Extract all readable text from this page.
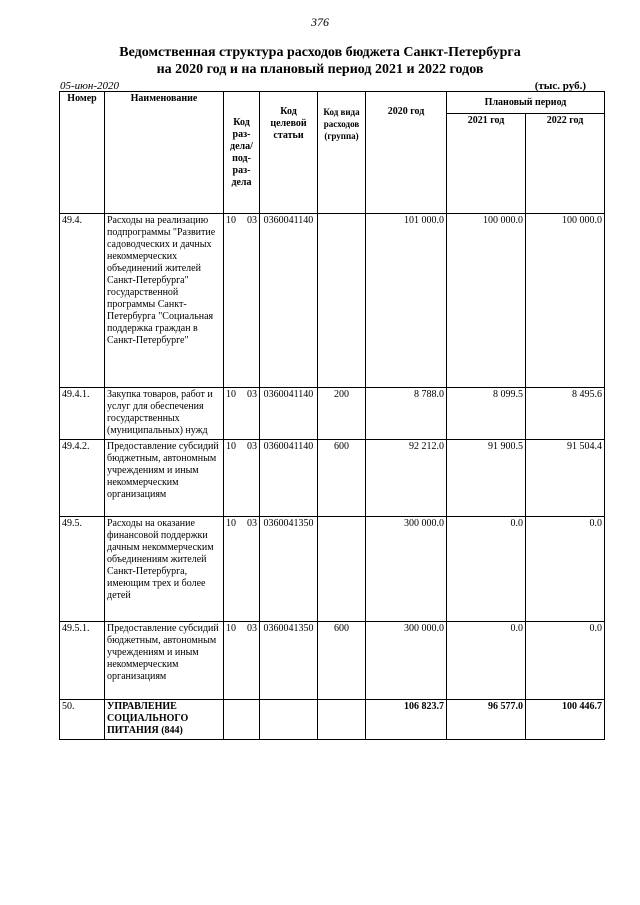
376
Ведомственная структура расходов бюджета Санкт-Петербурга
на 2020 год и на плановый период 2021 и 2022 годов
05-июн-2020	(тыс. руб.)
Номер	Наименование	Код раз-дела/ под-раз-дела	Код целевой статьи	Код вида расходов (группа)	2020 год	Плановый период	
						2021 год	2022 год
49.4.	Расходы на реализацию подпрограммы "Развитие садоводческих и дачных некоммерческих объединений жителей Санкт-Петербурга" государственной программы Санкт-Петербурга "Социальная поддержка граждан в Санкт-Петербурге"	10 03	0360041140		101 000.0	100 000.0	100 000.0
49.4.1.	Закупка товаров, работ и услуг для обеспечения государственных (муниципальных) нужд	10 03	0360041140	200	8 788.0	8 099.5	8 495.6
49.4.2.	Предоставление субсидий бюджетным, автономным учреждениям и иным некоммерческим организациям	10 03	0360041140	600	92 212.0	91 900.5	91 504.4
49.5.	Расходы на оказание финансовой поддержки дачным некоммерческим объединениям жителей Санкт-Петербурга, имеющим трех и более детей	10 03	0360041350		300 000.0	0.0	0.0
49.5.1.	Предоставление субсидий бюджетным, автономным учреждениям и иным некоммерческим организациям	10 03	0360041350	600	300 000.0	0.0	0.0
50.	УПРАВЛЕНИЕ СОЦИАЛЬНОГО ПИТАНИЯ (844)				106 823.7	96 577.0	100 446.7
